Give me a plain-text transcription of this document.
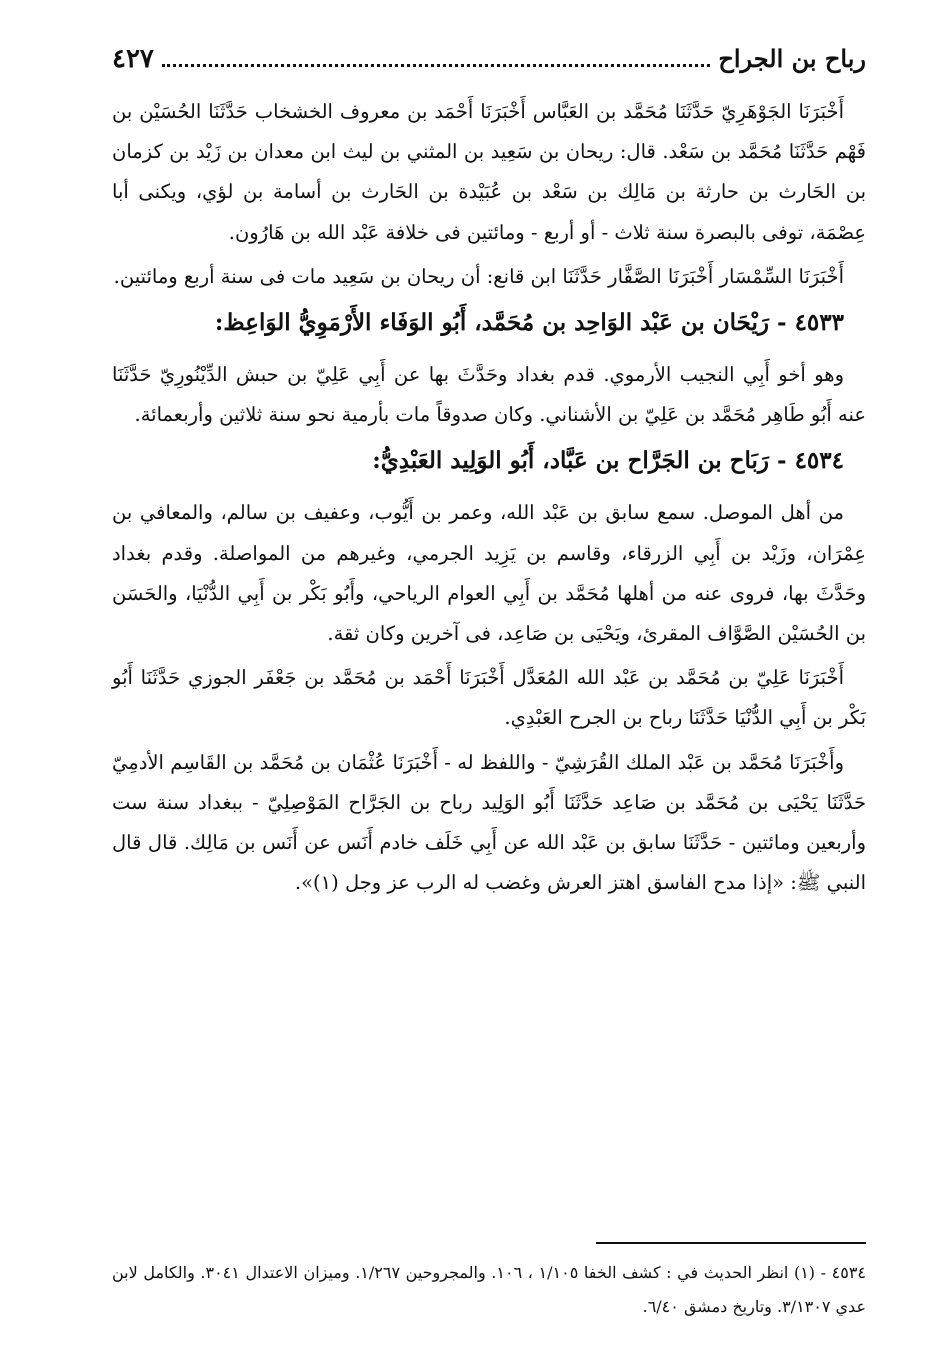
رباح بن الجراح
٤٢٧

أَخْبَرَنَا الجَوْهَرِيّ حَدَّثَنَا مُحَمَّد بن العَبَّاس أَخْبَرَنَا أَحْمَد بن معروف الخشخاب حَدَّثَنَا الحُسَيْن بن فَهْم حَدَّثَنَا مُحَمَّد بن سَعْد. قال: ريحان بن سَعِيد بن المثني بن ليث ابن معدان بن زَيْد بن كزمان بن الحَارث بن حارثة بن مَالِك بن سَعْد بن عُبَيْدة بن الحَارث بن أسامة بن لؤي، ويكنى أبا عِصْمَة، توفى بالبصرة سنة ثلاث - أو أربع - ومائتين فى خلافة عَبْد الله بن هَارُون.

أَخْبَرَنَا السِّمْسَار أَخْبَرَنَا الصَّفَّار حَدَّثَنَا ابن قانع: أن ريحان بن سَعِيد مات فى سنة أربع ومائتين.

٤٥٣٣ - رَيْحَان بن عَبْد الوَاحِد بن مُحَمَّد، أَبُو الوَفَاء الأَرْمَوِيُّ الوَاعِظ:

وهو أخو أَبِي النجيب الأرموي. قدم بغداد وحَدَّثَ بها عن أَبِي عَلِيّ بن حبش الدِّيْنُورِيّ حَدَّثَنَا عنه أَبُو طَاهِر مُحَمَّد بن عَلِيّ بن الأشناني. وكان صدوقاً مات بأرمية نحو سنة ثلاثين وأربعمائة.

٤٥٣٤ - رَبَاح بن الجَرَّاح بن عَبَّاد، أَبُو الوَلِيد العَبْدِيُّ:

من أهل الموصل. سمع سابق بن عَبْد الله، وعمر بن أَيُّوب، وعفيف بن سالم، والمعافي بن عِمْرَان، وزَيْد بن أَبِي الزرقاء، وقاسم بن يَزِيد الجرمي، وغيرهم من المواصلة. وقدم بغداد وحَدَّثَ بها، فروى عنه من أهلها مُحَمَّد بن أَبِي العوام الرياحي، وأَبُو بَكْر بن أَبِي الدُّنْيَا، والحَسَن بن الحُسَيْن الصَّوَّاف المقرئ، ويَحْيَى بن صَاعِد، فى آخرين وكان ثقة.

أَخْبَرَنَا عَلِيّ بن مُحَمَّد بن عَبْد الله المُعَدَّل أَخْبَرَنَا أَحْمَد بن مُحَمَّد بن جَعْفَر الجوزي حَدَّثَنَا أَبُو بَكْر بن أَبِي الدُّنْيَا حَدَّثَنَا رباح بن الجرح العَبْدِي.

وأَخْبَرَنَا مُحَمَّد بن عَبْد الملك القُرَشِيّ - واللفظ له - أَخْبَرَنَا عُثْمَان بن مُحَمَّد بن القَاسِم الأدمِيّ حَدَّثَنَا يَحْيَى بن مُحَمَّد بن صَاعِد حَدَّثَنَا أَبُو الوَلِيد رباح بن الجَرَّاح المَوْصِلِيّ - ببغداد سنة ست وأربعين ومائتين - حَدَّثَنَا سابق بن عَبْد الله عن أَبِي خَلَف خادم أَنَس عن أَنَس بن مَالِك. قال قال النبي ﷺ: «إذا مدح الفاسق اهتز العرش وغضب له الرب عز وجل (١)».

٤٥٣٤ - (١) انظر الحديث في : كشف الخفا ١/١٠٥ ، ١٠٦. والمجروحين ١/٢٦٧. وميزان الاعتدال ٣٠٤١. والكامل لابن عدي ٣/١٣٠٧. وتاريخ دمشق ٦/٤٠.
